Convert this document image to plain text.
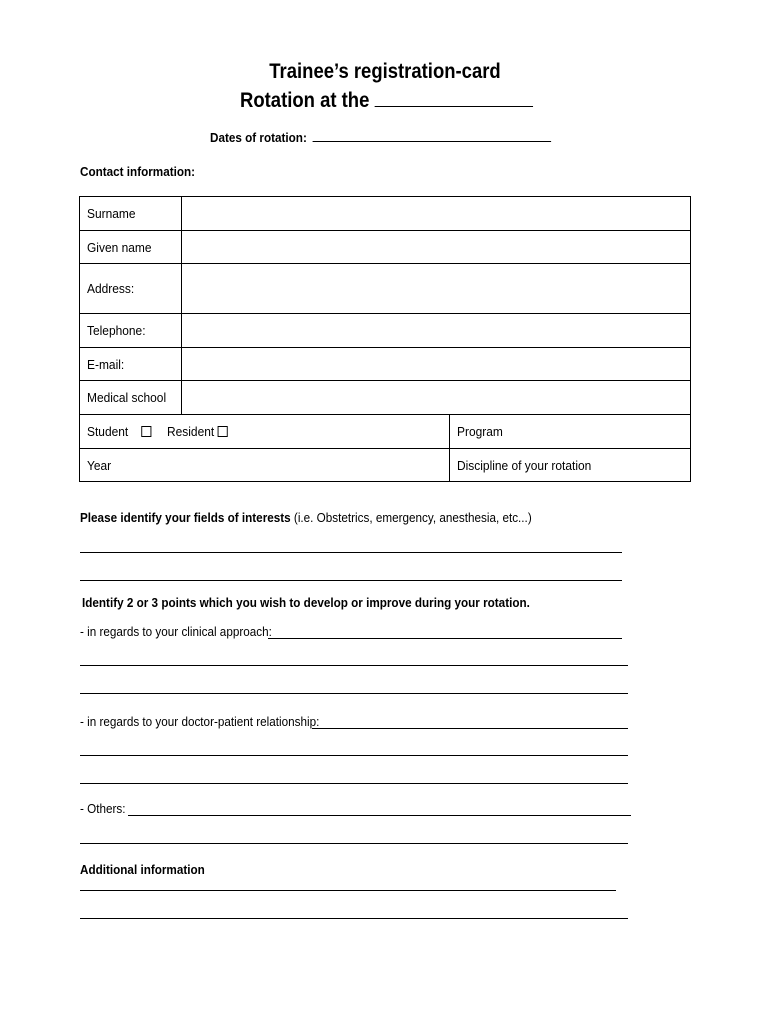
Trainee’s registration-card
Rotation at the
Dates of rotation:
Contact information:
Surname		
Given name		
Address:		
Telephone:		
E-mail:		
Medical school		
Student Resident		Program
Year		Discipline of your rotation
Please identify your fields of interests (i.e. Obstetrics, emergency, anesthesia, etc...)
Identify 2 or 3 points which you wish to develop or improve during your rotation.
- in regards to your clinical approach:
- in regards to your doctor-patient relationship:
- Others:
Additional information
